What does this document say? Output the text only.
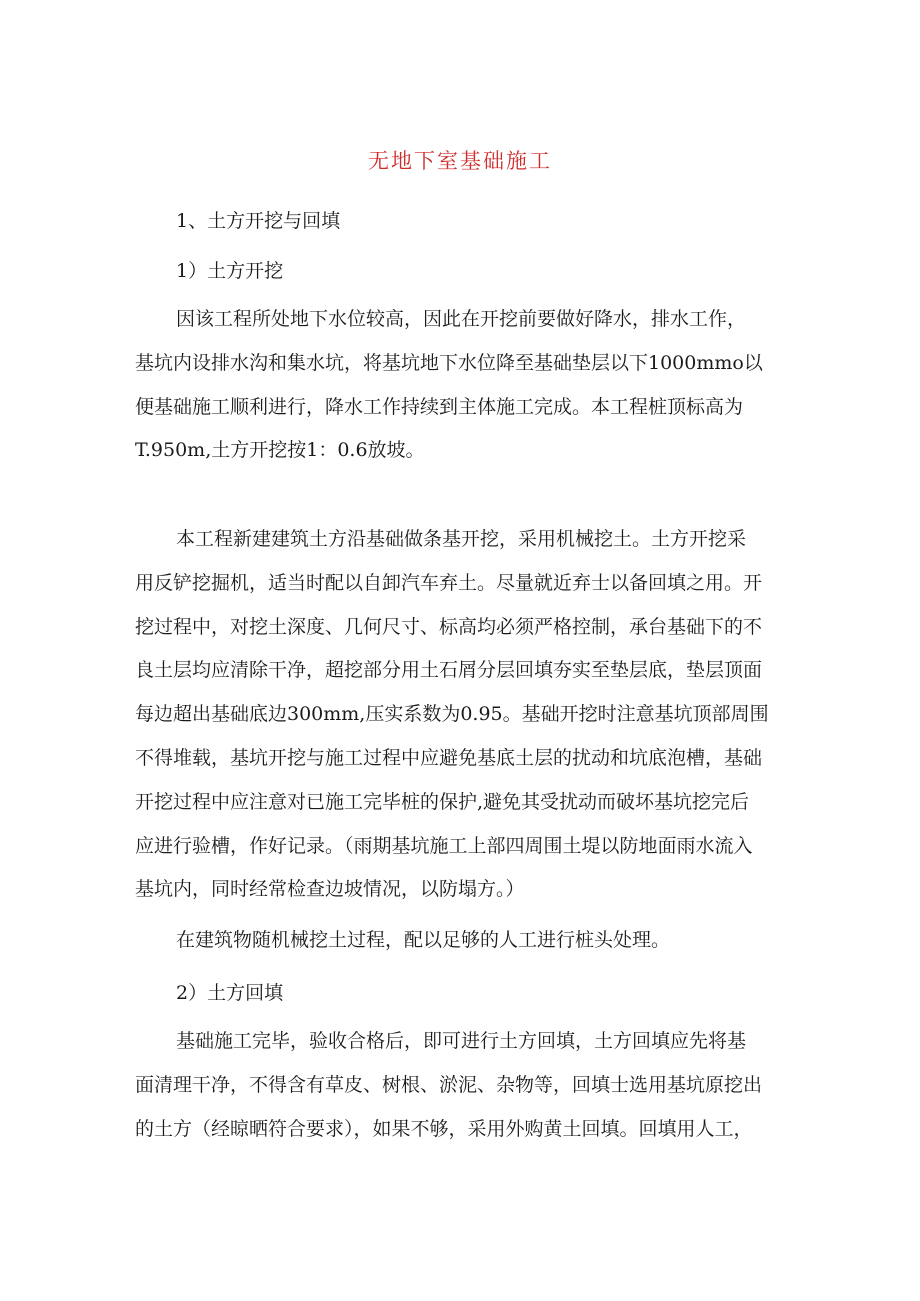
无地下室基础施工

1、土方开挖与回填

1）土方开挖

因该工程所处地下水位较高，因此在开挖前要做好降水，排水工作，
基坑内设排水沟和集水坑，将基坑地下水位降至基础垫层以下1000mmo以
便基础施工顺利进行，降水工作持续到主体施工完成。本工程桩顶标高为
T.950m,土方开挖按1：0.6放坡。
本工程新建建筑土方沿基础做条基开挖，采用机械挖土。土方开挖采
用反铲挖掘机，适当时配以自卸汽车弃土。尽量就近弃士以备回填之用。开
挖过程中，对挖土深度、几何尺寸、标高均必须严格控制，承台基础下的不
良土层均应清除干净，超挖部分用土石屑分层回填夯实至垫层底，垫层顶面
每边超出基础底边300mm,压实系数为0.95。基础开挖时注意基坑顶部周围
不得堆载，基坑开挖与施工过程中应避免基底土层的扰动和坑底泡槽，基础
开挖过程中应注意对已施工完毕桩的保护,避免其受扰动而破坏基坑挖完后
应进行验槽，作好记录。（雨期基坑施工上部四周围土堤以防地面雨水流入
基坑内，同时经常检查边坡情况，以防塌方。）

在建筑物随机械挖土过程，配以足够的人工进行桩头处理。

2）土方回填

基础施工完毕，验收合格后，即可进行土方回填，土方回填应先将基
面清理干净，不得含有草皮、树根、淤泥、杂物等，回填士选用基坑原挖出
的土方（经晾晒符合要求），如果不够，采用外购黄土回填。回填用人工，
